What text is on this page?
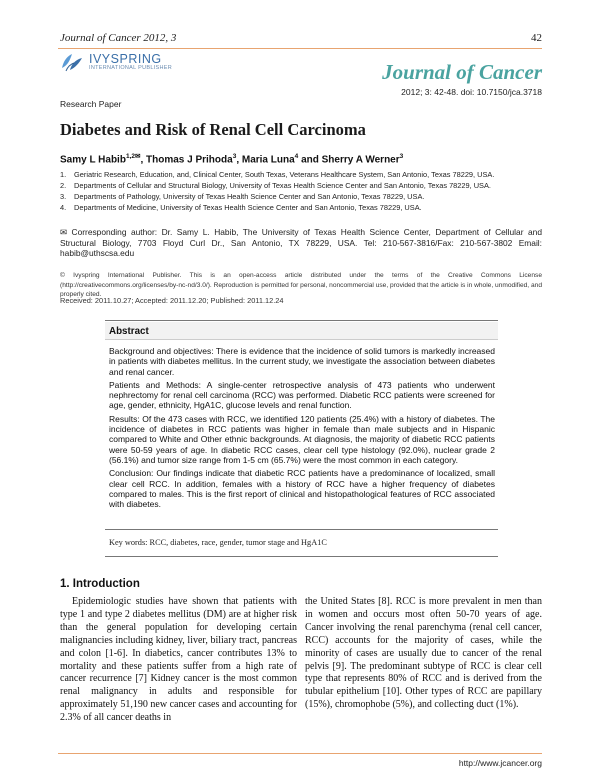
Journal of Cancer 2012, 3	42
IVYSPRING
INTERNATIONAL PUBLISHER	Journal of Cancer
2012; 3: 42-48. doi: 10.7150/jca.3718
Research Paper
Diabetes and Risk of Renal Cell Carcinoma
Samy L Habib$^{1,2✉}$, Thomas J Prihoda$^3$, Maria Luna$^4$ and Sherry A Werner$^3$
1.	Geriatric Research, Education, and, Clinical Center, South Texas, Veterans Healthcare System, San Antonio, Texas 78229, USA.
2.	Departments of Cellular and Structural Biology, University of Texas Health Science Center and San Antonio, Texas 78229, USA.
3.	Departments of Pathology, University of Texas Health Science Center and San Antonio, Texas 78229, USA.
4.	Departments of Medicine, University of Texas Health Science Center and San Antonio, Texas 78229, USA.
✉ Corresponding author: Dr. Samy L. Habib, The University of Texas Health Science Center, Department of Cellular and Structural Biology, 7703 Floyd Curl Dr., San Antonio, TX 78229, USA. Tel: 210-567-3816/Fax: 210-567-3802 Email: habib@uthscsa.edu
© Ivyspring International Publisher. This is an open-access article distributed under the terms of the Creative Commons License (http://creativecommons.org/licenses/by-nc-nd/3.0/). Reproduction is permitted for personal, noncommercial use, provided that the article is in whole, unmodified, and properly cited.
Received: 2011.10.27; Accepted: 2011.12.20; Published: 2011.12.24
Abstract

Background and objectives: There is evidence that the incidence of solid tumors is markedly increased in patients with diabetes mellitus. In the current study, we investigate the association between diabetes and renal cancer.

Patients and Methods: A single-center retrospective analysis of 473 patients who underwent nephrectomy for renal cell carcinoma (RCC) was performed. Diabetic RCC patients were screened for age, gender, ethnicity, HgA1C, glucose levels and renal function.

Results: Of the 473 cases with RCC, we identified 120 patients (25.4%) with a history of diabetes. The incidence of diabetes in RCC patients was higher in female than male subjects and in Hispanic compared to White and Other ethnic backgrounds. At diagnosis, the majority of diabetic RCC patients were 50-59 years of age. In diabetic RCC cases, clear cell type histology (92.0%), nuclear grade 2 (56.1%) and tumor size range from 1-5 cm (65.7%) were the most common in each category.

Conclusion: Our findings indicate that diabetic RCC patients have a predominance of localized, small clear cell RCC. In addition, females with a history of RCC have a higher frequency of diabetes compared to males. This is the first report of clinical and histopathological features of RCC associated with diabetes.

Key words: RCC, diabetes, race, gender, tumor stage and HgA1C
1. Introduction

Epidemiologic studies have shown that patients with type 1 and type 2 diabetes mellitus (DM) are at higher risk than the general population for developing certain malignancies including kidney, liver, biliary tract, pancreas and colon [1-6]. In diabetics, cancer contributes 13% to mortality and these patients suffer from a high rate of cancer recurrence [7] Kidney cancer is the most common renal malignancy in adults and responsible for approximately 51,190 new cancer cases and accounting for 2.3% of all cancer deaths in

the United States [8]. RCC is more prevalent in men than in women and occurs most often 50-70 years of age. Cancer involving the renal parenchyma (renal cell cancer, RCC) accounts for the majority of cases, while the minority of cases are usually due to cancer of the renal pelvis [9]. The predominant subtype of RCC is clear cell type that represents 80% of RCC and is derived from the tubular epithelium [10]. Other types of RCC are papillary (15%), chromophobe (5%), and collecting duct (1%).

http://www.jcancer.org
